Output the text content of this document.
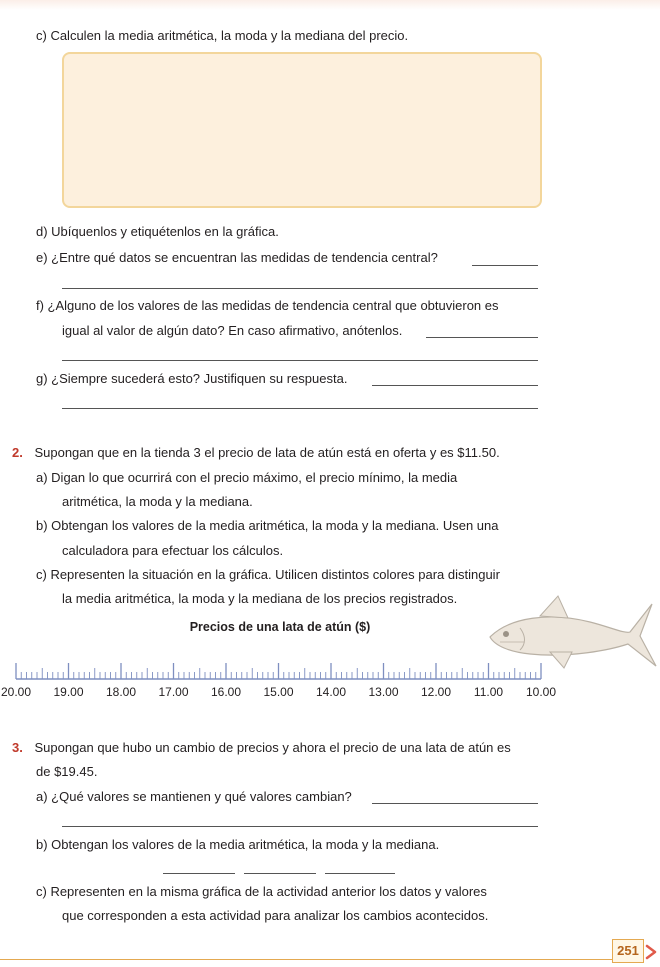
c) Calculen la media aritmética, la moda y la mediana del precio.
d) Ubíquenlos y etiquétenlos en la gráfica.
e) ¿Entre qué datos se encuentran las medidas de tendencia central?
f) ¿Alguno de los valores de las medidas de tendencia central que obtuvieron es
igual al valor de algún dato? En caso afirmativo, anótenlos.
g) ¿Siempre sucederá esto? Justifiquen su respuesta.
2. Supongan que en la tienda 3 el precio de lata de atún está en oferta y es $11.50.
a) Digan lo que ocurrirá con el precio máximo, el precio mínimo, la media
aritmética, la moda y la mediana.
b) Obtengan los valores de la media aritmética, la moda y la mediana. Usen una
calculadora para efectuar los cálculos.
c) Representen la situación en la gráfica. Utilicen distintos colores para distinguir
la media aritmética, la moda y la mediana de los precios registrados.
Precios de una lata de atún ($)
20.00 19.00 18.00 17.00 16.00 15.00 14.00 13.00 12.00 11.00 10.00
3. Supongan que hubo un cambio de precios y ahora el precio de una lata de atún es
de $19.45.
a) ¿Qué valores se mantienen y qué valores cambian?
b) Obtengan los valores de la media aritmética, la moda y la mediana.
c) Representen en la misma gráfica de la actividad anterior los datos y valores
que corresponden a esta actividad para analizar los cambios acontecidos.
251
